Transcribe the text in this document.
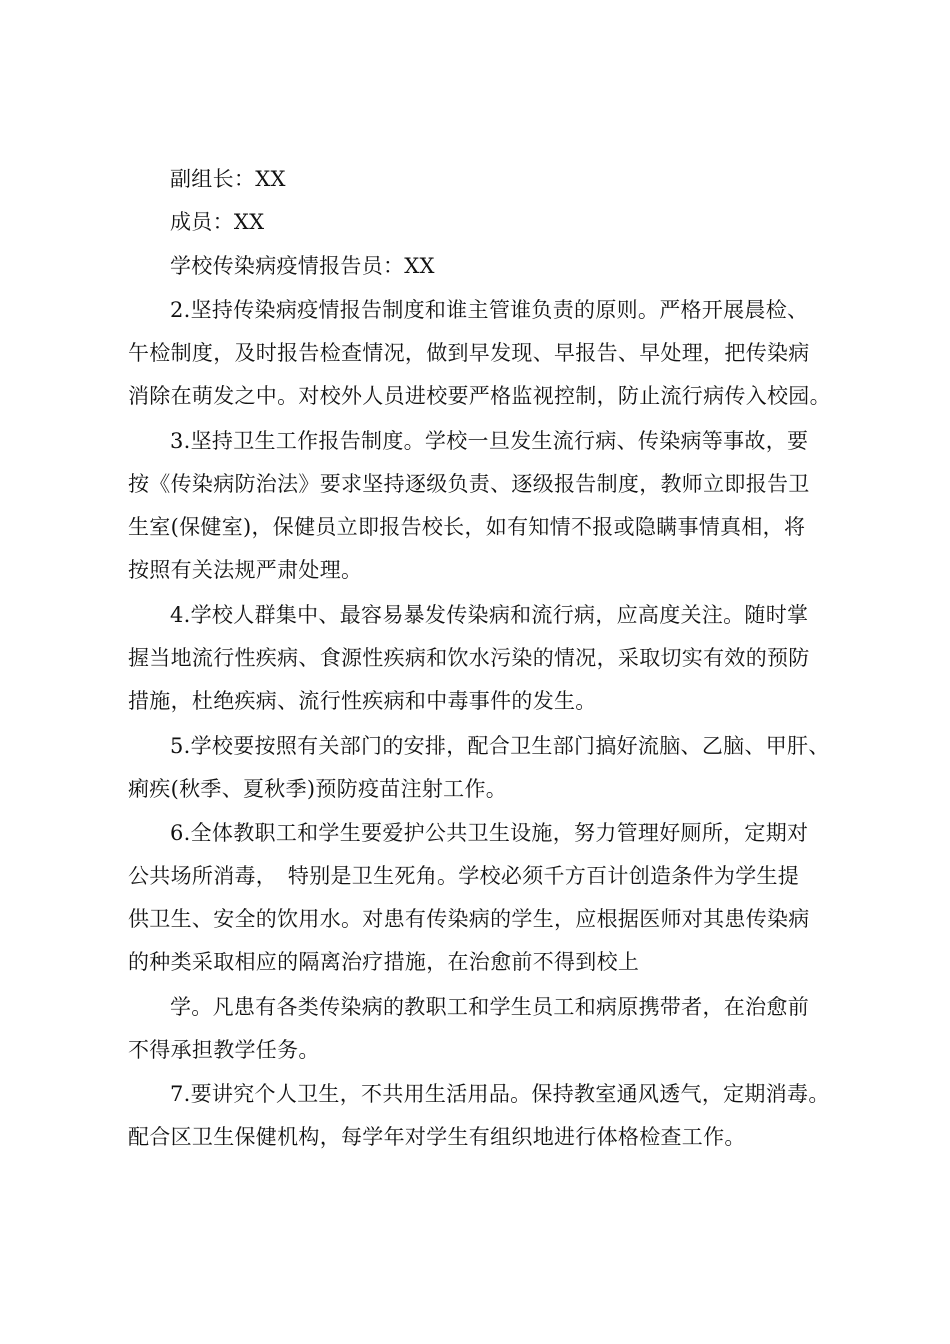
副组长：XX
成员：XX
学校传染病疫情报告员：XX
2.坚持传染病疫情报告制度和谁主管谁负责的原则。严格开展晨检、
午检制度，及时报告检查情况，做到早发现、早报告、早处理，把传染病
消除在萌发之中。对校外人员进校要严格监视控制，防止流行病传入校园。
3.坚持卫生工作报告制度。学校一旦发生流行病、传染病等事故，要
按《传染病防治法》要求坚持逐级负责、逐级报告制度，教师立即报告卫
生室(保健室)，保健员立即报告校长，如有知情不报或隐瞒事情真相，将
按照有关法规严肃处理。
4.学校人群集中、最容易暴发传染病和流行病，应高度关注。随时掌
握当地流行性疾病、食源性疾病和饮水污染的情况，采取切实有效的预防
措施，杜绝疾病、流行性疾病和中毒事件的发生。
5.学校要按照有关部门的安排，配合卫生部门搞好流脑、乙脑、甲肝、
痢疾(秋季、夏秋季)预防疫苗注射工作。
6.全体教职工和学生要爱护公共卫生设施，努力管理好厕所，定期对
公共场所消毒，　特别是卫生死角。学校必须千方百计创造条件为学生提
供卫生、安全的饮用水。对患有传染病的学生，应根据医师对其患传染病
的种类采取相应的隔离治疗措施，在治愈前不得到校上
学。凡患有各类传染病的教职工和学生员工和病原携带者，在治愈前
不得承担教学任务。
7.要讲究个人卫生，不共用生活用品。保持教室通风透气，定期消毒。
配合区卫生保健机构，每学年对学生有组织地进行体格检查工作。
